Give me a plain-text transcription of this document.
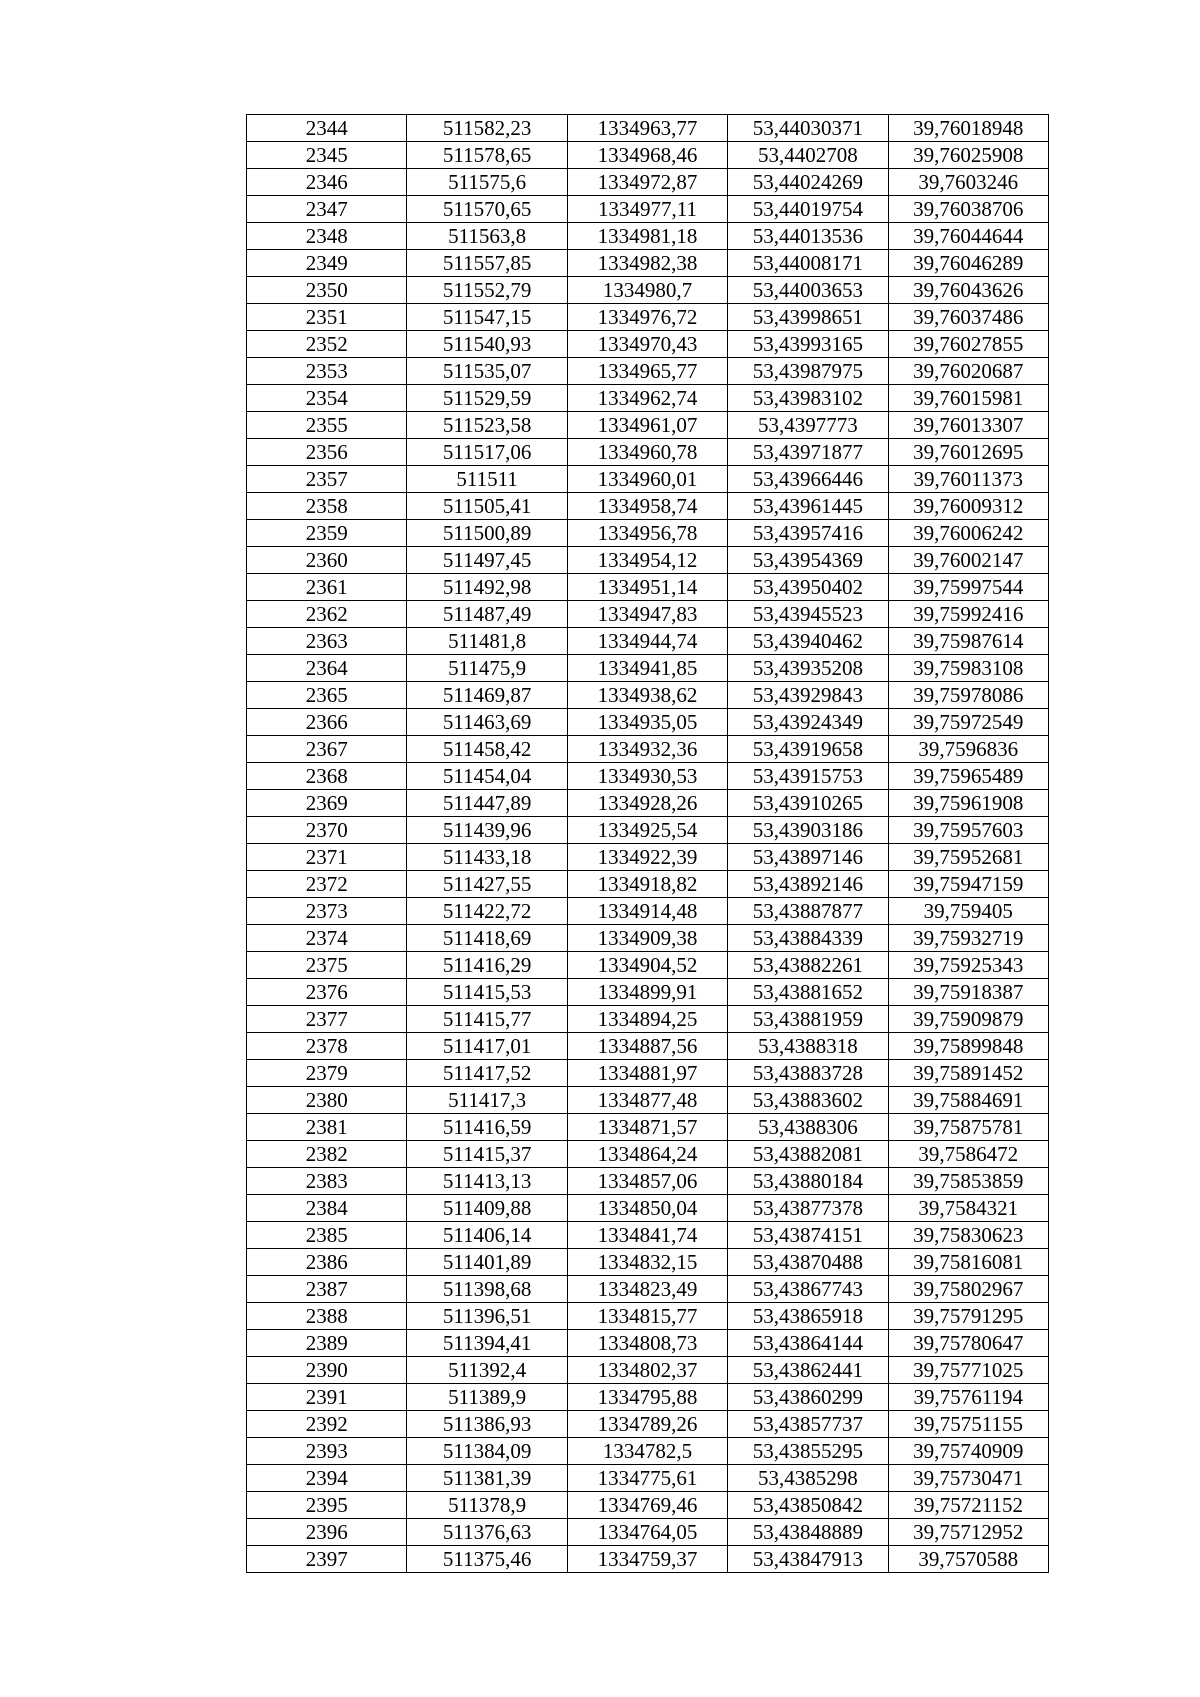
2344	511582,23	1334963,77	53,44030371	39,76018948
2345	511578,65	1334968,46	53,4402708	39,76025908
2346	511575,6	1334972,87	53,44024269	39,7603246
2347	511570,65	1334977,11	53,44019754	39,76038706
2348	511563,8	1334981,18	53,44013536	39,76044644
2349	511557,85	1334982,38	53,44008171	39,76046289
2350	511552,79	1334980,7	53,44003653	39,76043626
2351	511547,15	1334976,72	53,43998651	39,76037486
2352	511540,93	1334970,43	53,43993165	39,76027855
2353	511535,07	1334965,77	53,43987975	39,76020687
2354	511529,59	1334962,74	53,43983102	39,76015981
2355	511523,58	1334961,07	53,4397773	39,76013307
2356	511517,06	1334960,78	53,43971877	39,76012695
2357	511511	1334960,01	53,43966446	39,76011373
2358	511505,41	1334958,74	53,43961445	39,76009312
2359	511500,89	1334956,78	53,43957416	39,76006242
2360	511497,45	1334954,12	53,43954369	39,76002147
2361	511492,98	1334951,14	53,43950402	39,75997544
2362	511487,49	1334947,83	53,43945523	39,75992416
2363	511481,8	1334944,74	53,43940462	39,75987614
2364	511475,9	1334941,85	53,43935208	39,75983108
2365	511469,87	1334938,62	53,43929843	39,75978086
2366	511463,69	1334935,05	53,43924349	39,75972549
2367	511458,42	1334932,36	53,43919658	39,7596836
2368	511454,04	1334930,53	53,43915753	39,75965489
2369	511447,89	1334928,26	53,43910265	39,75961908
2370	511439,96	1334925,54	53,43903186	39,75957603
2371	511433,18	1334922,39	53,43897146	39,75952681
2372	511427,55	1334918,82	53,43892146	39,75947159
2373	511422,72	1334914,48	53,43887877	39,759405
2374	511418,69	1334909,38	53,43884339	39,75932719
2375	511416,29	1334904,52	53,43882261	39,75925343
2376	511415,53	1334899,91	53,43881652	39,75918387
2377	511415,77	1334894,25	53,43881959	39,75909879
2378	511417,01	1334887,56	53,4388318	39,75899848
2379	511417,52	1334881,97	53,43883728	39,75891452
2380	511417,3	1334877,48	53,43883602	39,75884691
2381	511416,59	1334871,57	53,4388306	39,75875781
2382	511415,37	1334864,24	53,43882081	39,7586472
2383	511413,13	1334857,06	53,43880184	39,75853859
2384	511409,88	1334850,04	53,43877378	39,7584321
2385	511406,14	1334841,74	53,43874151	39,75830623
2386	511401,89	1334832,15	53,43870488	39,75816081
2387	511398,68	1334823,49	53,43867743	39,75802967
2388	511396,51	1334815,77	53,43865918	39,75791295
2389	511394,41	1334808,73	53,43864144	39,75780647
2390	511392,4	1334802,37	53,43862441	39,75771025
2391	511389,9	1334795,88	53,43860299	39,75761194
2392	511386,93	1334789,26	53,43857737	39,75751155
2393	511384,09	1334782,5	53,43855295	39,75740909
2394	511381,39	1334775,61	53,4385298	39,75730471
2395	511378,9	1334769,46	53,43850842	39,75721152
2396	511376,63	1334764,05	53,43848889	39,75712952
2397	511375,46	1334759,37	53,43847913	39,7570588
